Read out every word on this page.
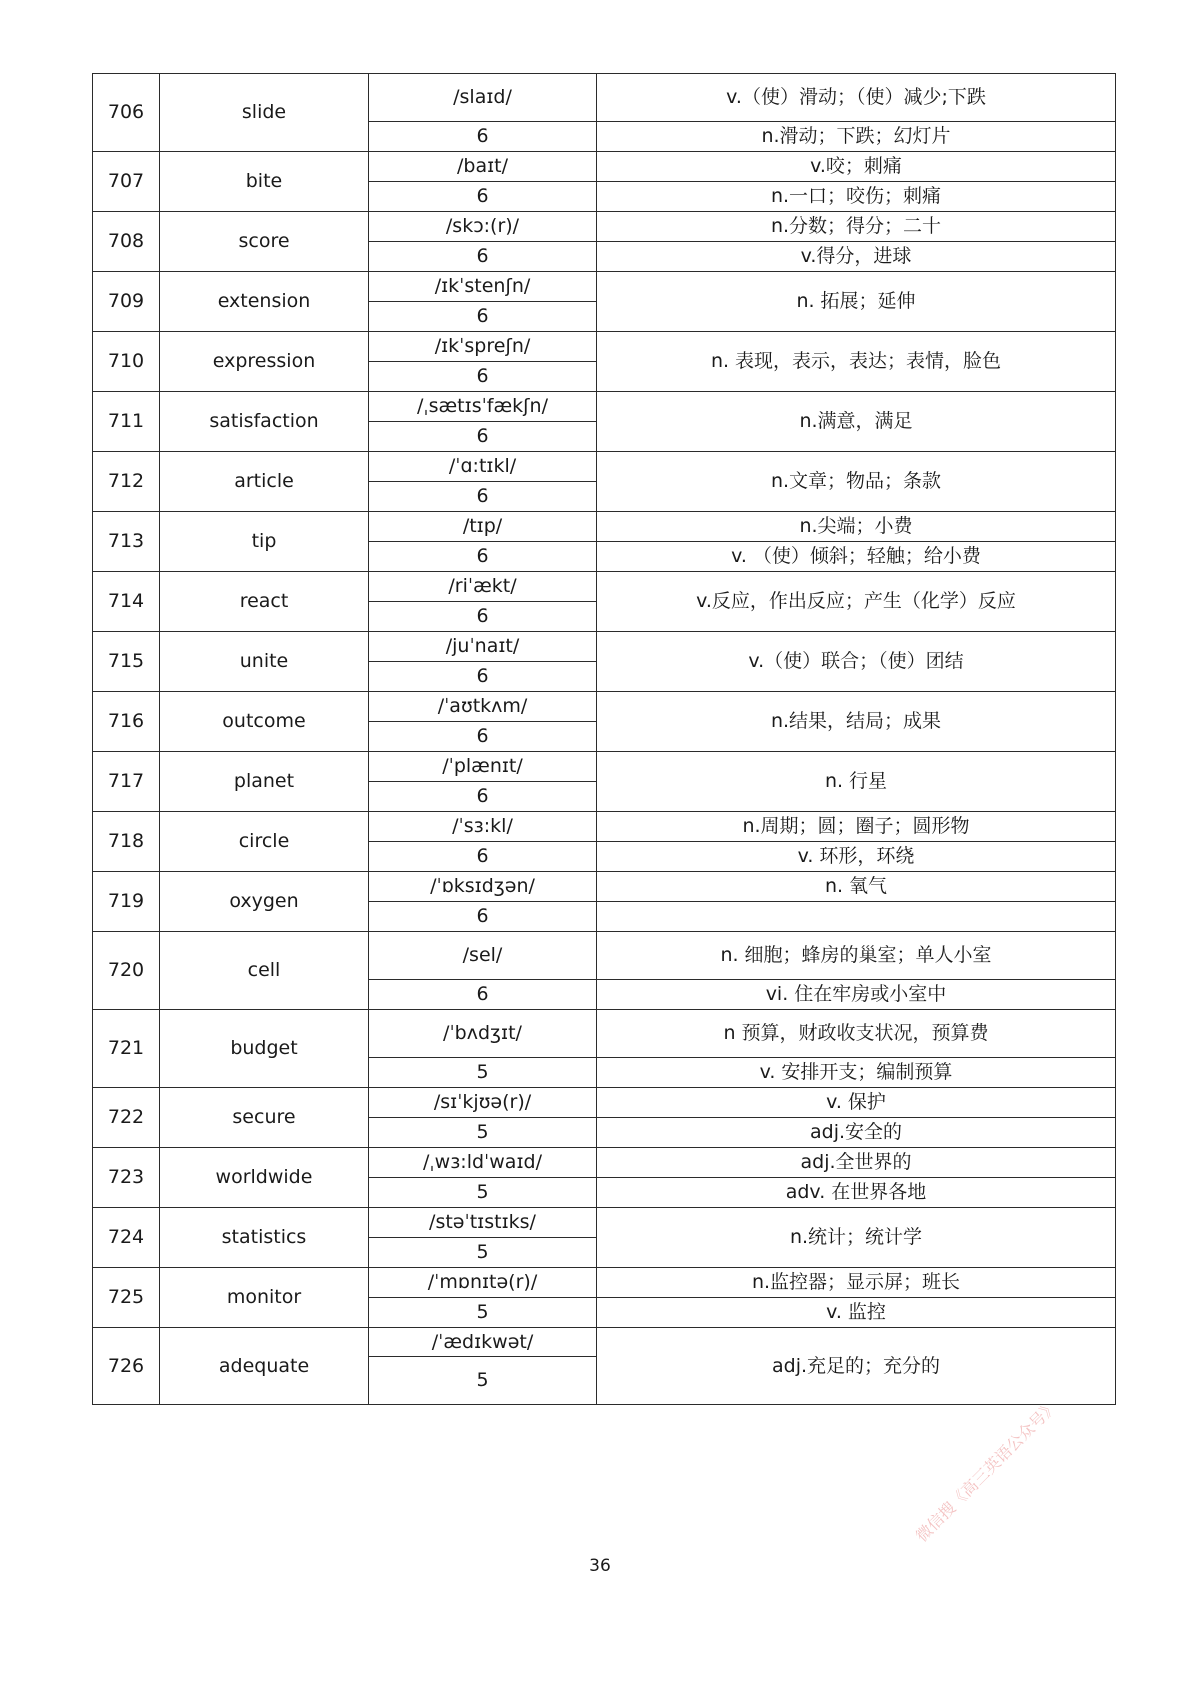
706	slide	/slaɪd/	v.（使）滑动；（使）减少;下跌
		6	n.滑动；下跌；幻灯片
707	bite	/baɪt/	v.咬；刺痛
		6	n.一口；咬伤；刺痛
708	score	/skɔ:(r)/	n.分数；得分；二十
		6	v.得分，进球
709	extension	/ɪkˈstenʃn/	n. 拓展；延伸
		6	
710	expression	/ɪkˈspreʃn/	n. 表现，表示，表达；表情，脸色
		6	
711	satisfaction	/ˌsætɪsˈfækʃn/	n.满意，满足
		6	
712	article	/ˈɑ:tɪkl/	n.文章；物品；条款
		6	
713	tip	/tɪp/	n.尖端；小费
		6	v. （使）倾斜；轻触；给小费
714	react	/riˈækt/	v.反应，作出反应；产生（化学）反应
		6	
715	unite	/juˈnaɪt/	v.（使）联合；（使）团结
		6	
716	outcome	/ˈaʊtkʌm/	n.结果，结局；成果
		6	
717	planet	/ˈplænɪt/	n. 行星
		6	
718	circle	/ˈsɜ:kl/	n.周期；圆；圈子；圆形物
		6	v. 环形，环绕
719	oxygen	/ˈɒksɪdʒən/	n. 氧气
		6	
720	cell	/sel/	n. 细胞；蜂房的巢室；单人小室
		6	vi. 住在牢房或小室中
721	budget	/ˈbʌdʒɪt/	n 预算，财政收支状况，预算费
		5	v. 安排开支；编制预算
722	secure	/sɪˈkjʊə(r)/	v. 保护
		5	adj.安全的
723	worldwide	/ˌwɜ:ldˈwaɪd/	adj.全世界的
		5	adv. 在世界各地
724	statistics	/stəˈtɪstɪks/	n.统计；统计学
		5	
725	monitor	/ˈmɒnɪtə(r)/	n.监控器；显示屏；班长
		5	v. 监控
726	adequate	/ˈædɪkwət/	adj.充足的；充分的
		5	
36
微信搜《高三英语公众号》
